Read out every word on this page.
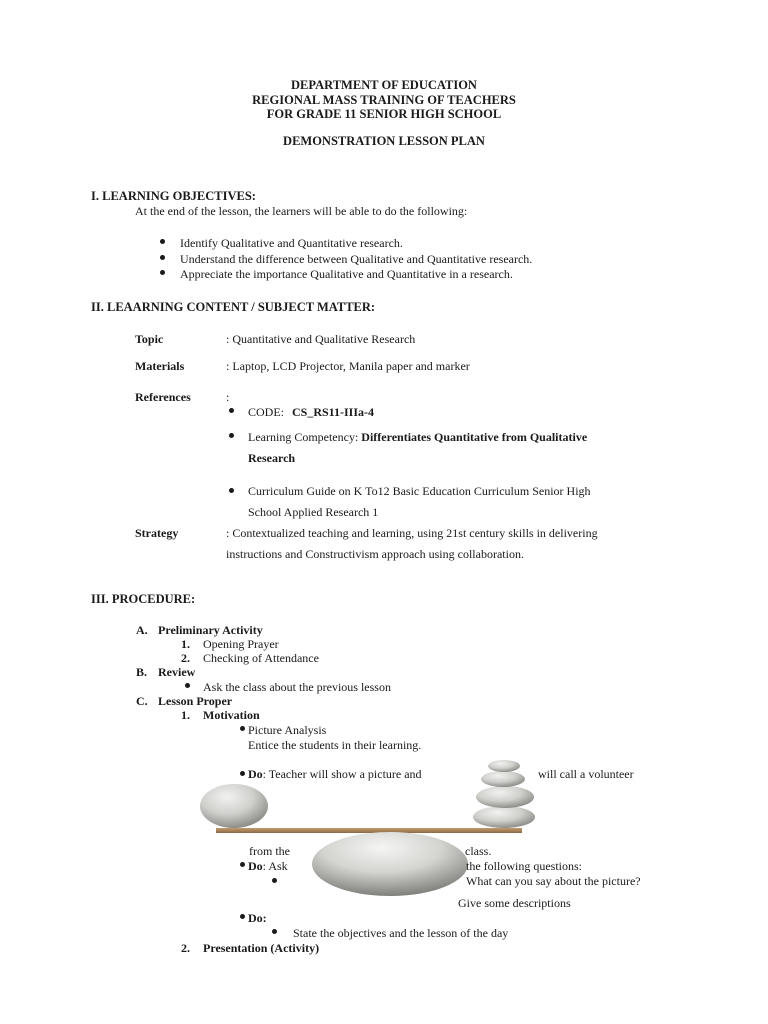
DEPARTMENT OF EDUCATION
REGIONAL MASS TRAINING OF TEACHERS
FOR GRADE 11 SENIOR HIGH SCHOOL
DEMONSTRATION LESSON PLAN
I. LEARNING OBJECTIVES:
At the end of the lesson, the learners will be able to do the following:
Identify Qualitative and Quantitative research.
Understand the difference between Qualitative and Quantitative research.
Appreciate the importance Qualitative and Quantitative in a research.
II. LEAARNING CONTENT / SUBJECT MATTER:
Topic	: Quantitative and Qualitative Research
Materials	: Laptop, LCD Projector, Manila paper and marker
References	:
CODE: CS_RS11-IIIa-4
Learning Competency: Differentiates Quantitative from Qualitative
Research
Curriculum Guide on K To12 Basic Education Curriculum Senior High
School Applied Research 1
Strategy	: Contextualized teaching and learning, using 21st century skills in delivering
instructions and Constructivism approach using collaboration.
III. PROCEDURE:
A. Preliminary Activity
1. Opening Prayer
2. Checking of Attendance
B. Review
Ask the class about the previous lesson
C. Lesson Proper
1. Motivation
Picture Analysis
Entice the students in their learning.
Do: Teacher will show a picture and	will call a volunteer
from the	class.
Do: Ask	the following questions:
What can you say about the picture?
Give some descriptions
Do:
State the objectives and the lesson of the day
2. Presentation (Activity)
